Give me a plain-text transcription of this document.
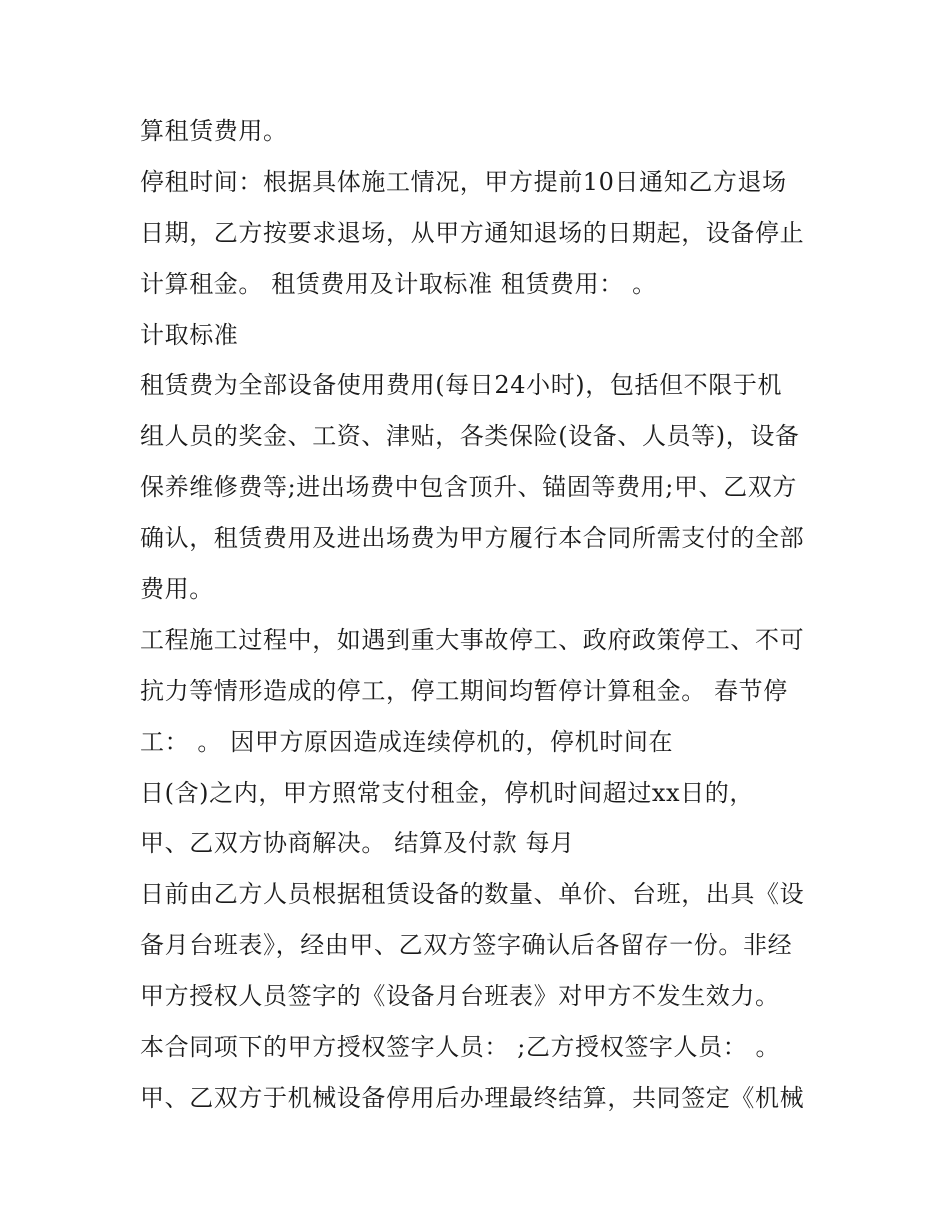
算租赁费用。
停租时间：根据具体施工情况，甲方提前10日通知乙方退场
日期，乙方按要求退场，从甲方通知退场的日期起，设备停止
计算租金。 租赁费用及计取标准 租赁费用： 。
计取标准
租赁费为全部设备使用费用(每日24小时)，包括但不限于机
组人员的奖金、工资、津贴，各类保险(设备、人员等)，设备
保养维修费等;进出场费中包含顶升、锚固等费用;甲、乙双方
确认，租赁费用及进出场费为甲方履行本合同所需支付的全部
费用。
工程施工过程中，如遇到重大事故停工、政府政策停工、不可
抗力等情形造成的停工，停工期间均暂停计算租金。 春节停
工： 。 因甲方原因造成连续停机的，停机时间在
日(含)之内，甲方照常支付租金，停机时间超过xx日的，
甲、乙双方协商解决。 结算及付款 每月
日前由乙方人员根据租赁设备的数量、单价、台班，出具《设
备月台班表》，经由甲、乙双方签字确认后各留存一份。非经
甲方授权人员签字的《设备月台班表》对甲方不发生效力。
本合同项下的甲方授权签字人员： ;乙方授权签字人员： 。
甲、乙双方于机械设备停用后办理最终结算，共同签定《机械
